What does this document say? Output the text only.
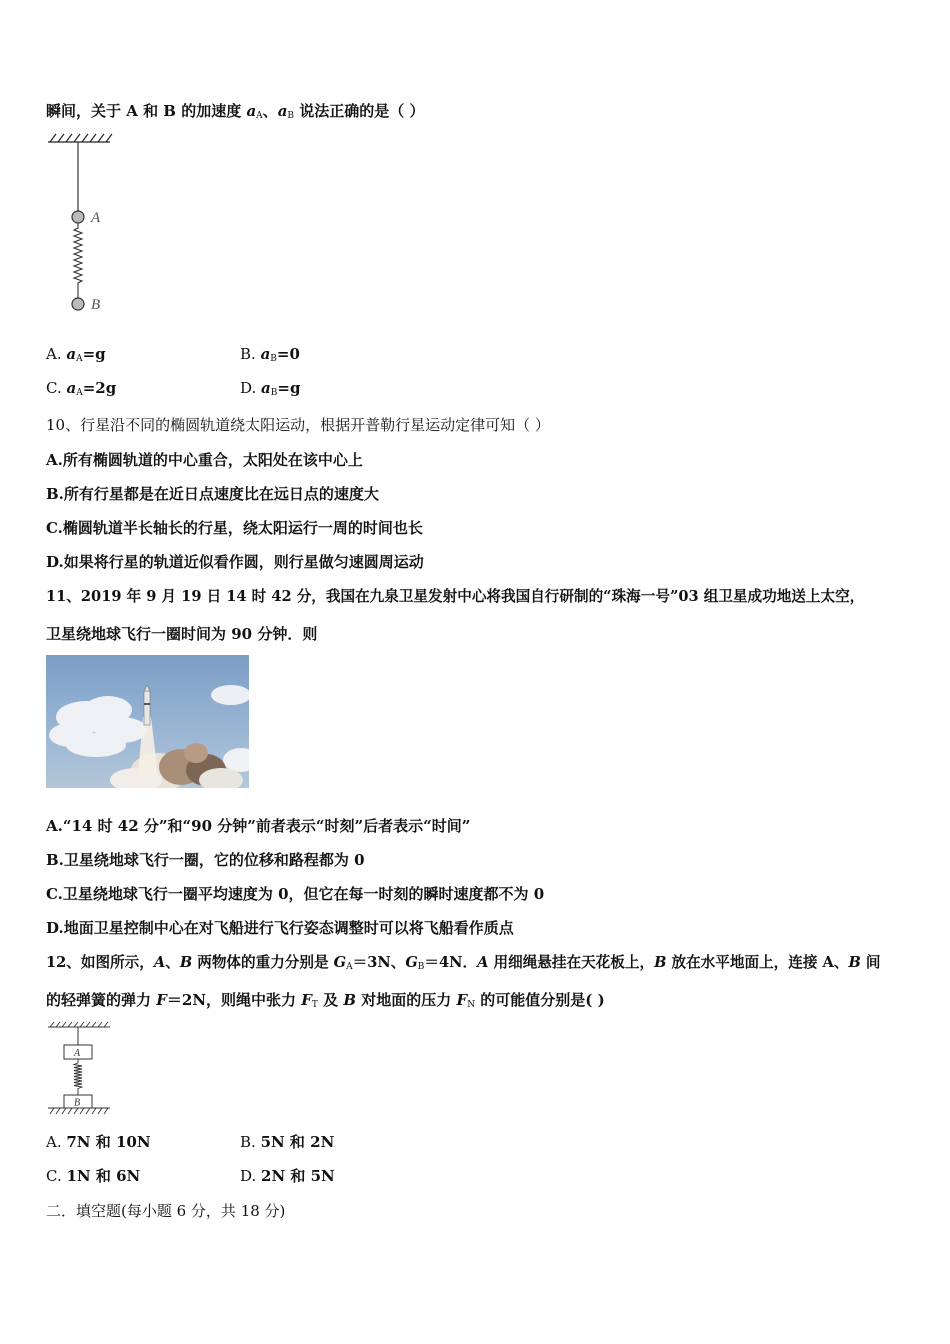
瞬间，关于 A 和 B 的加速度 $a_A$、$a_B$ 说法正确的是（ ）
A
B
A. $a_A=g$	B. $a_B=0$
C. $a_A=2g$	D. $a_B=g$
10、行星沿不同的椭圆轨道绕太阳运动，根据开普勒行星运动定律可知（ ）
A.所有椭圆轨道的中心重合，太阳处在该中心上
B.所有行星都是在近日点速度比在远日点的速度大
C.椭圆轨道半长轴长的行星，绕太阳运行一周的时间也长
D.如果将行星的轨道近似看作圆，则行星做匀速圆周运动
11、2019 年 9 月 19 日 14 时 42 分，我国在九泉卫星发射中心将我国自行研制的“珠海一号”03 组卫星成功地送上太空，
卫星绕地球飞行一圈时间为 90 分钟．则
A.“14 时 42 分”和“90 分钟”前者表示“时刻”后者表示“时间”
B.卫星绕地球飞行一圈，它的位移和路程都为 0
C.卫星绕地球飞行一圈平均速度为 0，但它在每一时刻的瞬时速度都不为 0
D.地面卫星控制中心在对飞船进行飞行姿态调整时可以将飞船看作质点
12、如图所示，A、B 两物体的重力分别是 $G_A=3N$、$G_B=4N$．A 用细绳悬挂在天花板上，B 放在水平地面上，连接 A、B 间
的轻弹簧的弹力 F＝2N，则绳中张力 $F_T$ 及 B 对地面的压力 $F_N$ 的可能值分别是( )
A
B
A. 7N 和 10N	B. 5N 和 2N
C. 1N 和 6N	D. 2N 和 5N
二．填空题(每小题 6 分，共 18 分)
